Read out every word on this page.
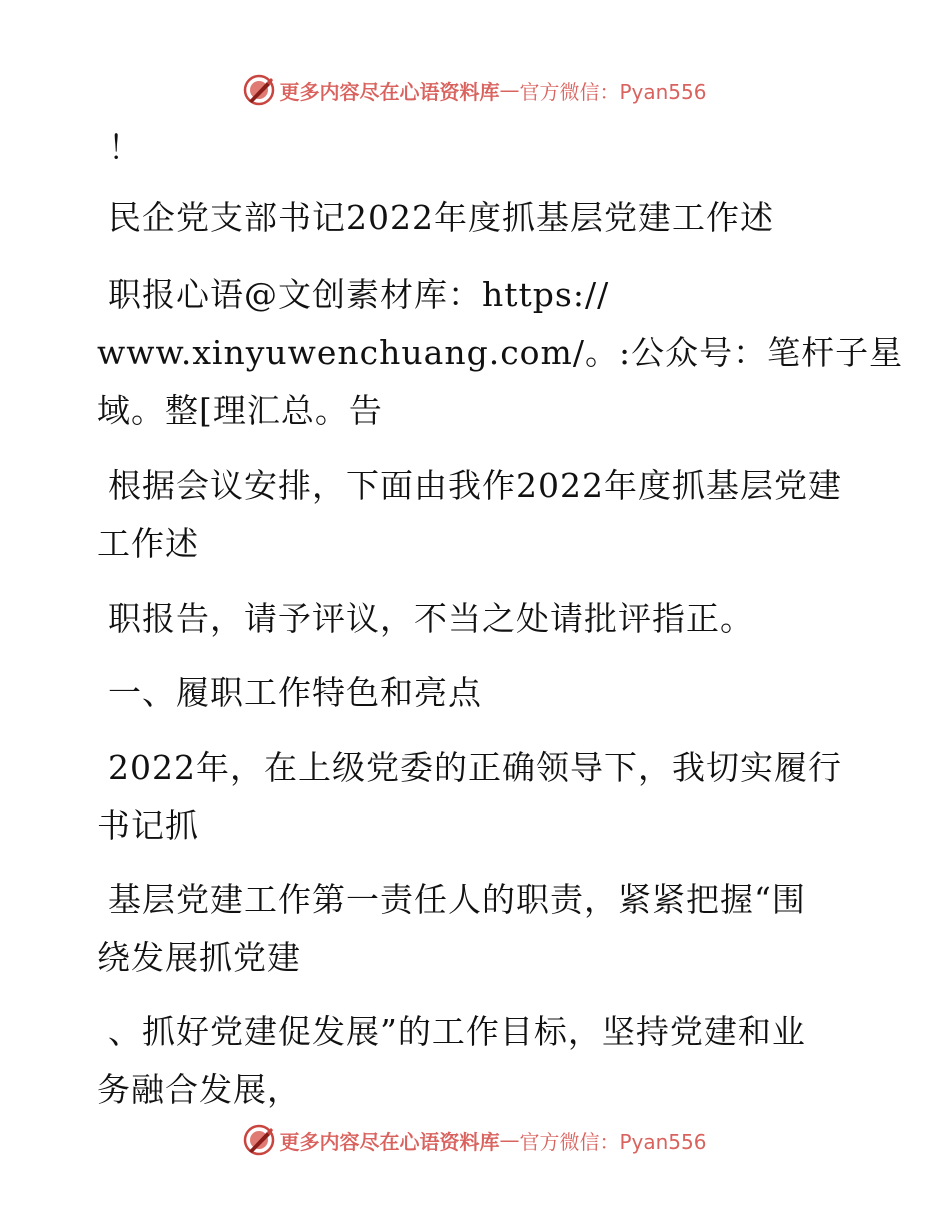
更多内容尽在心语资料库 — 官方微信：Pyan556
！
民企党支部书记2022年度抓基层党建工作述
职报心语@文创素材库：https://
www.xinyuwenchuang.com/。:公众号：笔杆子星
域。整[理汇总。告
根据会议安排，下面由我作2022年度抓基层党建
工作述
职报告，请予评议，不当之处请批评指正。
一、履职工作特色和亮点
2022年，在上级党委的正确领导下，我切实履行
书记抓
基层党建工作第一责任人的职责，紧紧把握“围
绕发展抓党建
、抓好党建促发展”的工作目标，坚持党建和业
务融合发展，
更多内容尽在心语资料库 — 官方微信：Pyan556
